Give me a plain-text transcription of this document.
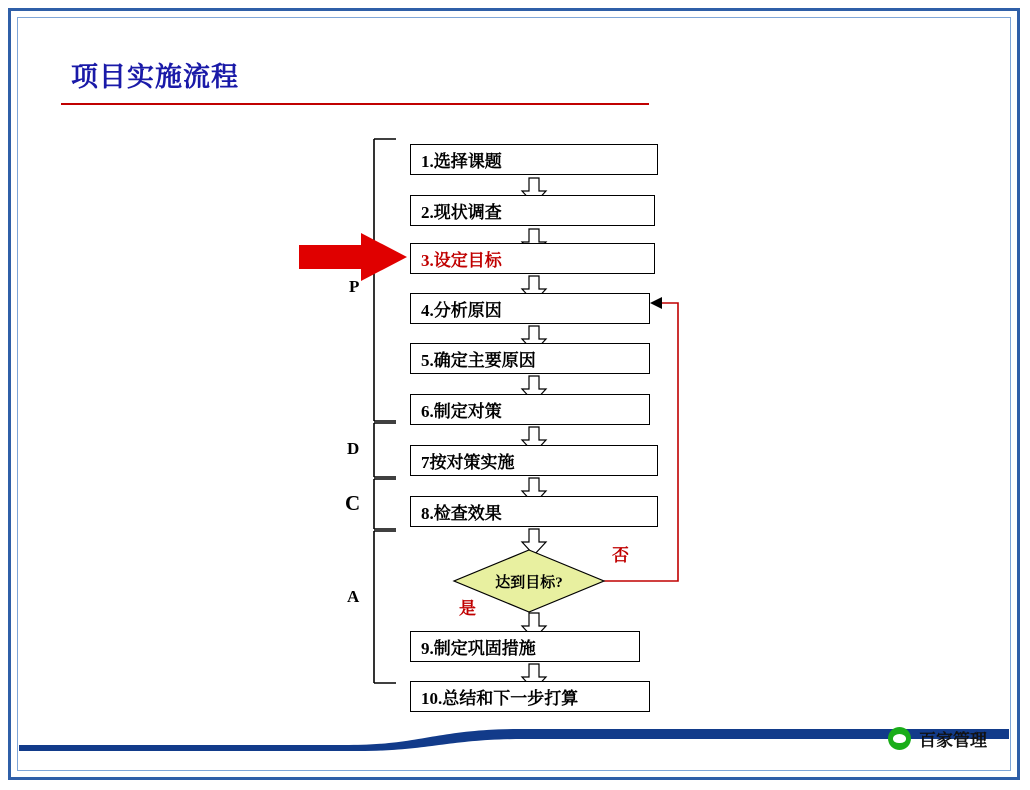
项目实施流程
P
D
C
A
1.选择课题
2.现状调查
3.设定目标
4.分析原因
5.确定主要原因
6.制定对策
7按对策实施
8.检查效果
达到目标?
否
是
9.制定巩固措施
10.总结和下一步打算
百家管理
